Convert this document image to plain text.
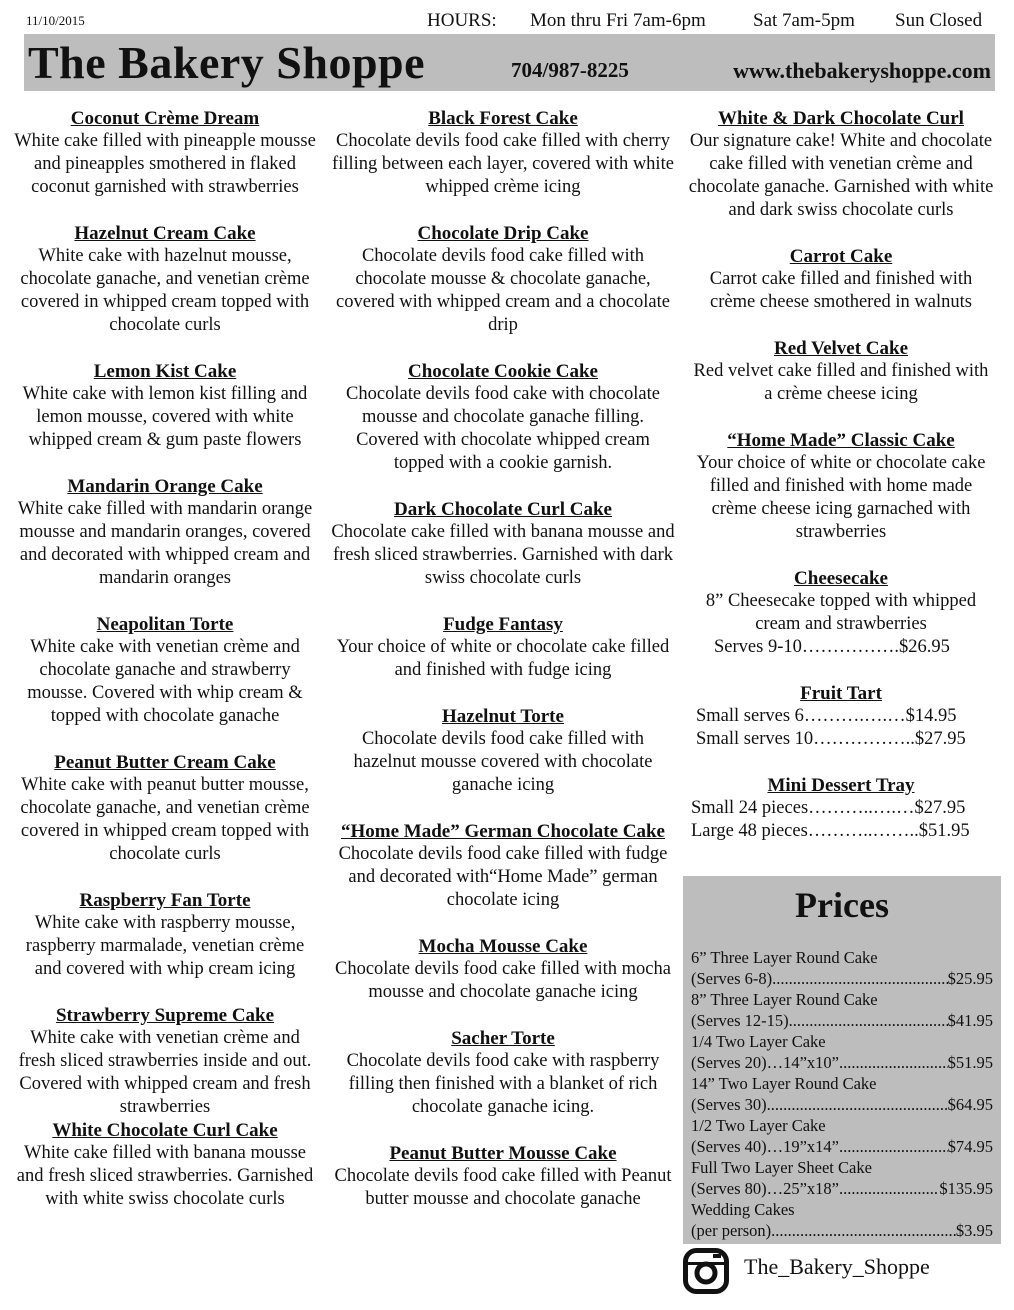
11/10/2015	HOURS: Mon thru Fri 7am-6pm Sat 7am-5pm Sun Closed
The Bakery Shoppe	704/987-8225	www.thebakeryshoppe.com
Coconut Crème Dream

White cake filled with pineapple mousse and pineapples smothered in flaked coconut garnished with strawberries

Hazelnut Cream Cake

White cake with hazelnut mousse, chocolate ganache, and venetian crème covered in whipped cream topped with chocolate curls

Lemon Kist Cake

White cake with lemon kist filling and lemon mousse, covered with white whipped cream & gum paste flowers

Mandarin Orange Cake

White cake filled with mandarin orange mousse and mandarin oranges, covered and decorated with whipped cream and mandarin oranges

Neapolitan Torte

White cake with venetian crème and chocolate ganache and strawberry mousse. Covered with whip cream & topped with chocolate ganache

Peanut Butter Cream Cake

White cake with peanut butter mousse, chocolate ganache, and venetian crème covered in whipped cream topped with chocolate curls

Raspberry Fan Torte

White cake with raspberry mousse, raspberry marmalade, venetian crème and covered with whip cream icing

Strawberry Supreme Cake

White cake with venetian crème and fresh sliced strawberries inside and out. Covered with whipped cream and fresh strawberries

White Chocolate Curl Cake

White cake filled with banana mousse and fresh sliced strawberries. Garnished with white swiss chocolate curls

Black Forest Cake

Chocolate devils food cake filled with cherry filling between each layer, covered with white whipped crème icing

Chocolate Drip Cake

Chocolate devils food cake filled with chocolate mousse & chocolate ganache, covered with whipped cream and a chocolate drip

Chocolate Cookie Cake

Chocolate devils food cake with chocolate mousse and chocolate ganache filling. Covered with chocolate whipped cream topped with a cookie garnish.

Dark Chocolate Curl Cake

Chocolate cake filled with banana mousse and fresh sliced strawberries. Garnished with dark swiss chocolate curls

Fudge Fantasy

Your choice of white or chocolate cake filled and finished with fudge icing

Hazelnut Torte

Chocolate devils food cake filled with hazelnut mousse covered with chocolate ganache icing

“Home Made” German Chocolate Cake

Chocolate devils food cake filled with fudge and decorated with“Home Made” german chocolate icing

Mocha Mousse Cake

Chocolate devils food cake filled with mocha mousse and chocolate ganache icing

Sacher Torte

Chocolate devils food cake with raspberry filling then finished with a blanket of rich chocolate ganache icing.

Peanut Butter Mousse Cake

Chocolate devils food cake filled with Peanut butter mousse and chocolate ganache

White & Dark Chocolate Curl

Our signature cake! White and chocolate cake filled with venetian crème and chocolate ganache. Garnished with white and dark swiss chocolate curls

Carrot Cake

Carrot cake filled and finished with crème cheese smothered in walnuts

Red Velvet Cake

Red velvet cake filled and finished with a crème cheese icing

“Home Made” Classic Cake

Your choice of white or chocolate cake filled and finished with home made crème cheese icing garnached with strawberries

Cheesecake

8” Cheesecake topped with whipped cream and strawberries

Serves 9-10…………….$26.95
Fruit Tart
Small serves 6……….….…$14.95
Small serves 10……………..$27.95
Mini Dessert Tray
Small 24 pieces………..….…$27.95
Large 48 pieces………..……..$51.95
Prices
6” Three Layer Round Cake
(Serves 6-8) .....	$25.95
8” Three Layer Round Cake
(Serves 12-15) .....	$41.95
1/4 Two Layer Cake
(Serves 20)…14”x10” .....	$51.95
14” Two Layer Round Cake
(Serves 30) .....	$64.95
1/2 Two Layer Cake
(Serves 40)…19”x14” .....	$74.95
Full Two Layer Sheet Cake
(Serves 80)…25”x18” .....	$135.95
Wedding Cakes
(per person) .....	$3.95
The_Bakery_Shoppe
